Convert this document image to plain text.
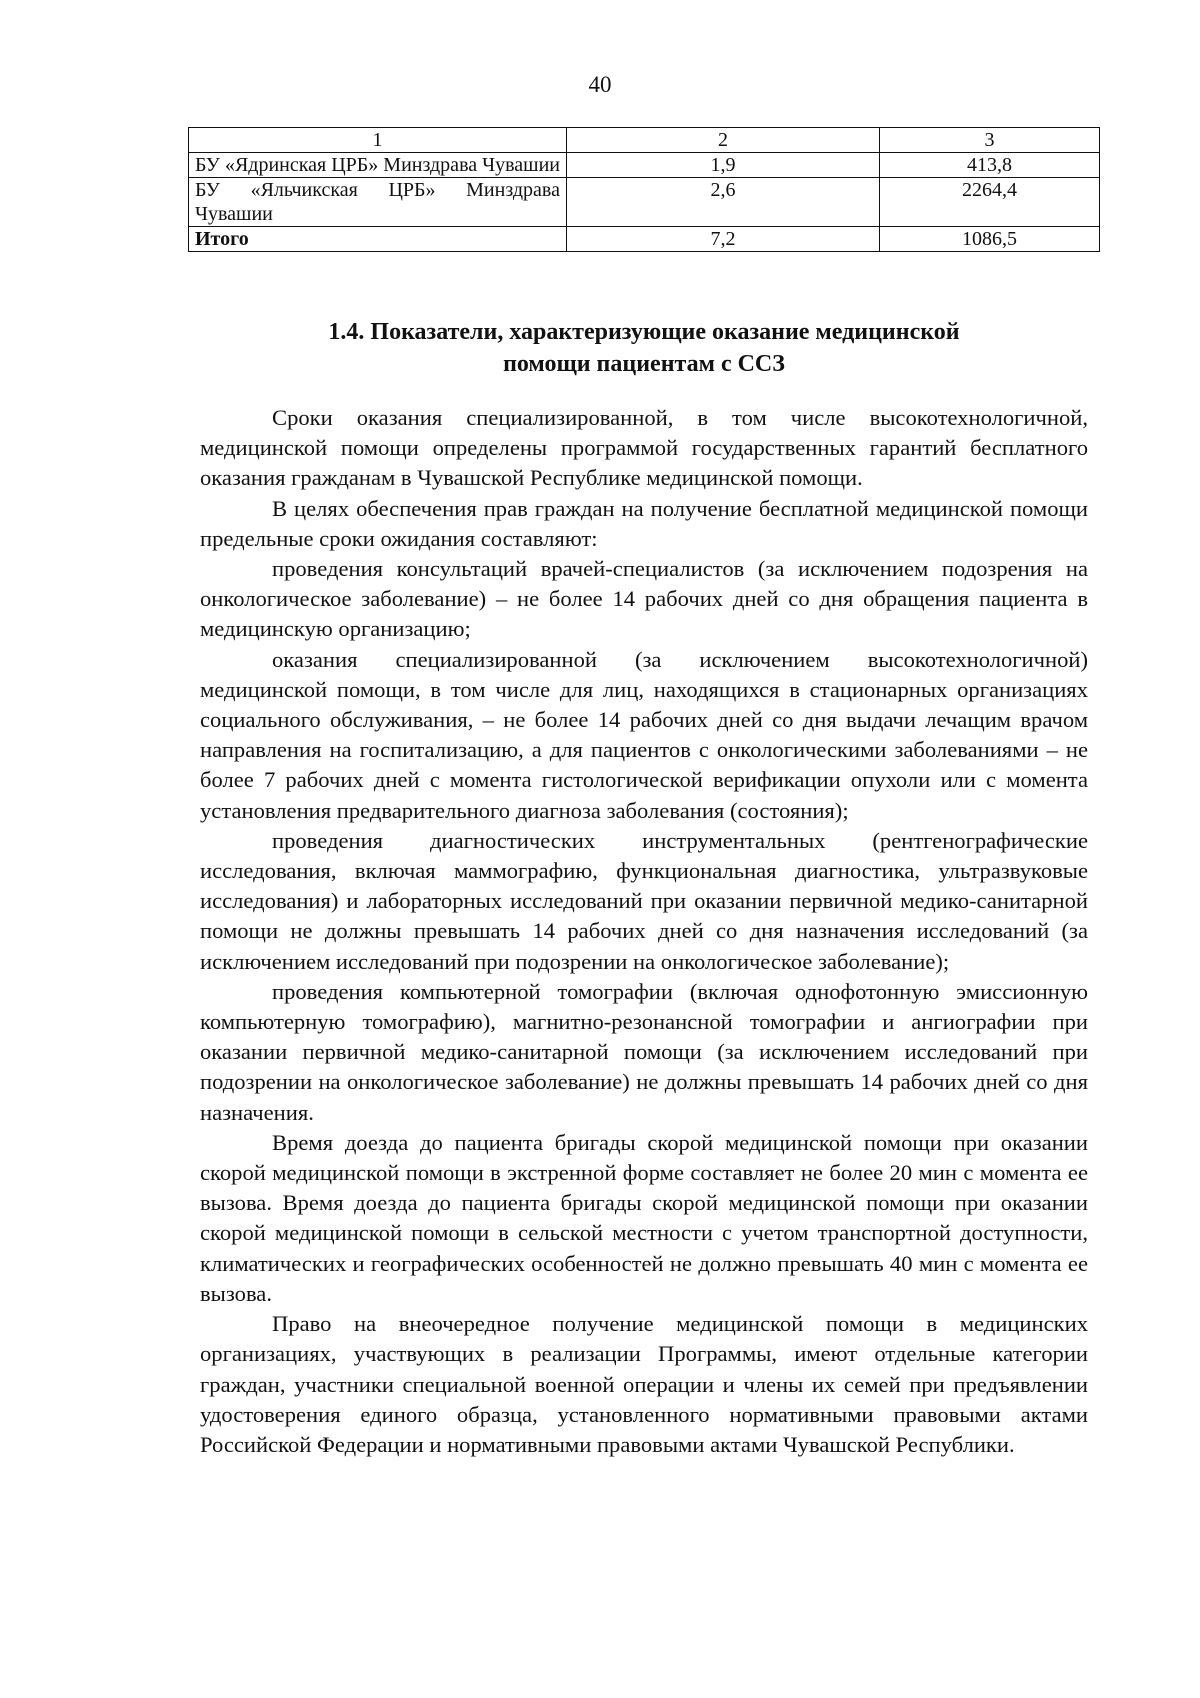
40
1	2	3
БУ «Ядринская ЦРБ» Минздрава Чувашии	1,9	413,8
БУ «Яльчикская ЦРБ» Минздрава Чувашии	2,6	2264,4
Итого	7,2	1086,5
1.4. Показатели, характеризующие оказание медицинской
помощи пациентам с ССЗ

Сроки оказания специализированной, в том числе высокотехнологичной, медицинской помощи определены программой государственных гарантий бесплатного оказания гражданам в Чувашской Республике медицинской помощи.

В целях обеспечения прав граждан на получение бесплатной медицинской помощи предельные сроки ожидания составляют:

проведения консультаций врачей-специалистов (за исключением подозрения на онкологическое заболевание) – не более 14 рабочих дней со дня обращения пациента в медицинскую организацию;

оказания специализированной (за исключением высокотехнологичной) медицинской помощи, в том числе для лиц, находящихся в стационарных организациях социального обслуживания, – не более 14 рабочих дней со дня выдачи лечащим врачом направления на госпитализацию, а для пациентов с онкологическими заболеваниями – не более 7 рабочих дней с момента гистологической верификации опухоли или с момента установления предварительного диагноза заболевания (состояния);

проведения диагностических инструментальных (рентгенографические исследования, включая маммографию, функциональная диагностика, ультразвуковые исследования) и лабораторных исследований при оказании первичной медико-санитарной помощи не должны превышать 14 рабочих дней со дня назначения исследований (за исключением исследований при подозрении на онкологическое заболевание);

проведения компьютерной томографии (включая однофотонную эмиссионную компьютерную томографию), магнитно-резонансной томографии и ангиографии при оказании первичной медико-санитарной помощи (за исключением исследований при подозрении на онкологическое заболевание) не должны превышать 14 рабочих дней со дня назначения.

Время доезда до пациента бригады скорой медицинской помощи при оказании скорой медицинской помощи в экстренной форме составляет не более 20 мин с момента ее вызова. Время доезда до пациента бригады скорой медицинской помощи при оказании скорой медицинской помощи в сельской местности с учетом транспортной доступности, климатических и географических особенностей не должно превышать 40 мин с момента ее вызова.

Право на внеочередное получение медицинской помощи в медицинских организациях, участвующих в реализации Программы, имеют отдельные категории граждан, участники специальной военной операции и члены их семей при предъявлении удостоверения единого образца, установленного нормативными правовыми актами Российской Федерации и нормативными правовыми актами Чувашской Республики.
